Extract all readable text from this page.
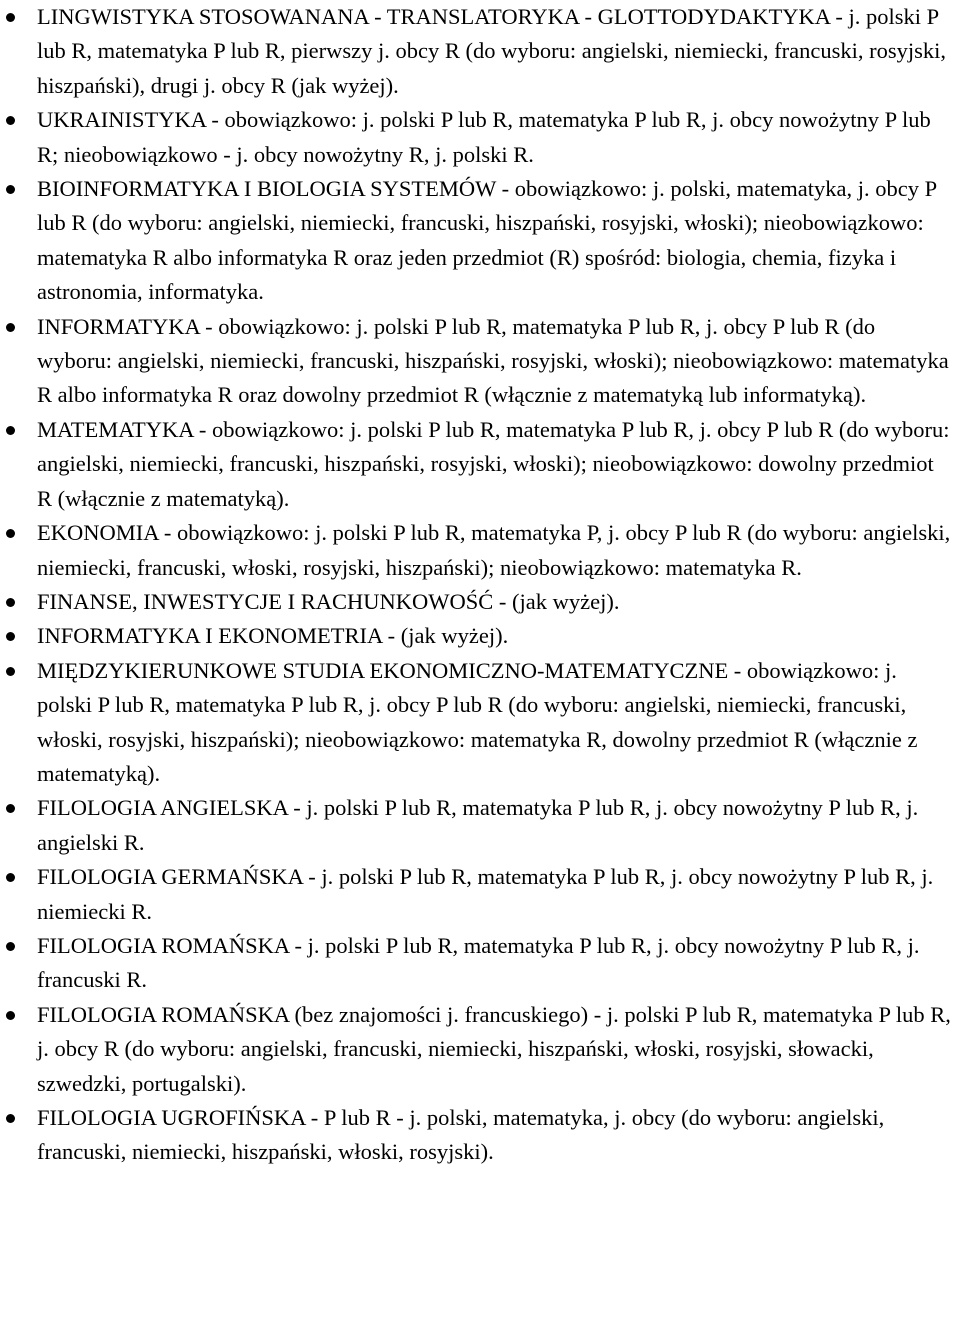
LINGWISTYKA STOSOWANANA - TRANSLATORYKA - GLOTTODYDAKTYKA - j. polski P lub R, matematyka P lub R, pierwszy j. obcy R (do wyboru: angielski, niemiecki, francuski, rosyjski, hiszpański), drugi j. obcy R (jak wyżej).
UKRAINISTYKA - obowiązkowo: j. polski P lub R, matematyka P lub R, j. obcy nowożytny P lub R; nieobowiązkowo - j. obcy nowożytny R, j. polski R.
BIOINFORMATYKA I BIOLOGIA SYSTEMÓW - obowiązkowo: j. polski, matematyka, j. obcy P lub R (do wyboru: angielski, niemiecki, francuski, hiszpański, rosyjski, włoski); nieobowiązkowo: matematyka R albo informatyka R oraz jeden przedmiot (R) spośród: biologia, chemia, fizyka i astronomia, informatyka.
INFORMATYKA - obowiązkowo: j. polski P lub R, matematyka P lub R, j. obcy P lub R (do wyboru: angielski, niemiecki, francuski, hiszpański, rosyjski, włoski); nieobowiązkowo: matematyka R albo informatyka R oraz dowolny przedmiot R (włącznie z matematyką lub informatyką).
MATEMATYKA - obowiązkowo: j. polski P lub R, matematyka P lub R, j. obcy P lub R (do wyboru: angielski, niemiecki, francuski, hiszpański, rosyjski, włoski); nieobowiązkowo: dowolny przedmiot R (włącznie z matematyką).
EKONOMIA - obowiązkowo: j. polski P lub R, matematyka P, j. obcy P lub R (do wyboru: angielski, niemiecki, francuski, włoski, rosyjski, hiszpański); nieobowiązkowo: matematyka R.
FINANSE, INWESTYCJE I RACHUNKOWOŚĆ - (jak wyżej).
INFORMATYKA I EKONOMETRIA - (jak wyżej).
MIĘDZYKIERUNKOWE STUDIA EKONOMICZNO-MATEMATYCZNE - obowiązkowo: j. polski P lub R, matematyka P lub R, j. obcy P lub R (do wyboru: angielski, niemiecki, francuski, włoski, rosyjski, hiszpański); nieobowiązkowo: matematyka R, dowolny przedmiot R (włącznie z matematyką).
FILOLOGIA ANGIELSKA - j. polski P lub R, matematyka P lub R, j. obcy nowożytny P lub R, j. angielski R.
FILOLOGIA GERMAŃSKA - j. polski P lub R, matematyka P lub R, j. obcy nowożytny P lub R, j. niemiecki R.
FILOLOGIA ROMAŃSKA - j. polski P lub R, matematyka P lub R, j. obcy nowożytny P lub R, j. francuski R.
FILOLOGIA ROMAŃSKA (bez znajomości j. francuskiego) - j. polski P lub R, matematyka P lub R, j. obcy R (do wyboru: angielski, francuski, niemiecki, hiszpański, włoski, rosyjski, słowacki, szwedzki, portugalski).
FILOLOGIA UGROFIŃSKA - P lub R - j. polski, matematyka, j. obcy (do wyboru: angielski, francuski, niemiecki, hiszpański, włoski, rosyjski).
